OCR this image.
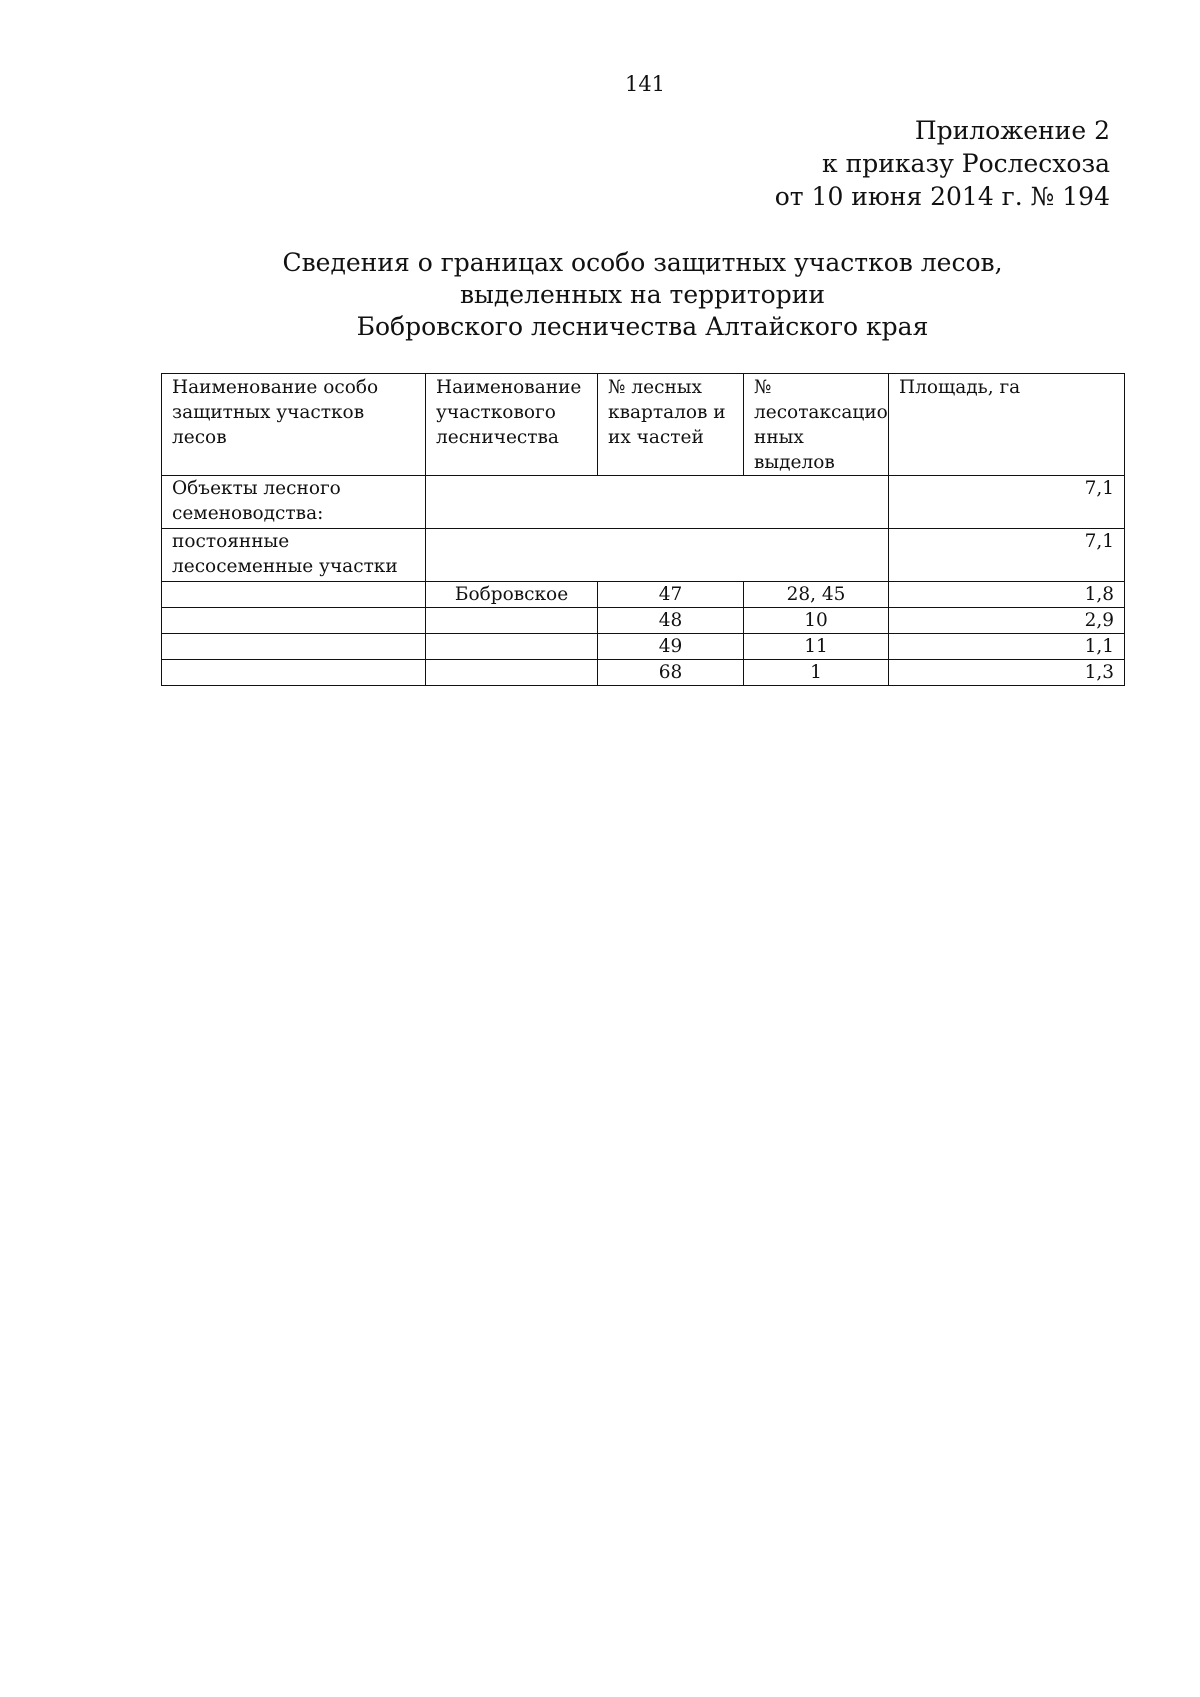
141
Приложение 2
к приказу Рослесхоза
от 10 июня 2014 г. № 194
Сведения о границах особо защитных участков лесов,
выделенных на территории
Бобровского лесничества Алтайского края
Наименование особо защитных участков лесов	Наименование участкового лесничества	№ лесных кварталов и их частей	№ лесотаксацио нных выделов	Площадь, га
Объекты лесного семеноводства:				7,1
постоянные лесосеменные участки				7,1
	Бобровское	47	28, 45	1,8
		48	10	2,9
		49	11	1,1
		68	1	1,3
